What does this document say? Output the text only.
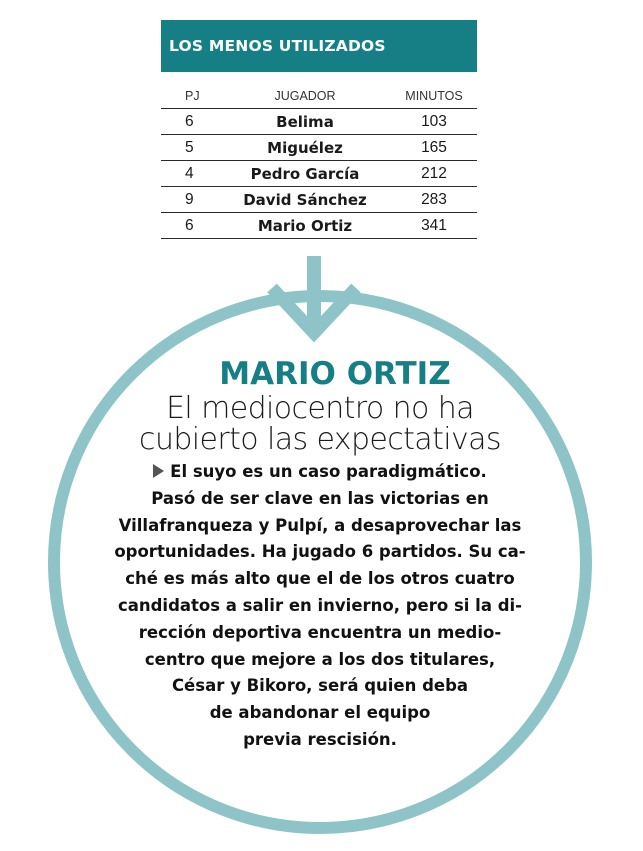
LOS MENOS UTILIZADOS
PJ	JUGADOR	MINUTOS
6	Belima	103
5	Miguélez	165
4	Pedro García	212
9	David Sánchez	283
6	Mario Ortiz	341
MARIO ORTIZ
El mediocentro no ha
cubierto las expectativas
El suyo es un caso paradigmático.
Pasó de ser clave en las victorias en
Villafranqueza y Pulpí, a desaprovechar las
oportunidades. Ha jugado 6 partidos. Su ca-
ché es más alto que el de los otros cuatro
candidatos a salir en invierno, pero si la di-
rección deportiva encuentra un medio-
centro que mejore a los dos titulares,
César y Bikoro, será quien deba
de abandonar el equipo
previa rescisión.
